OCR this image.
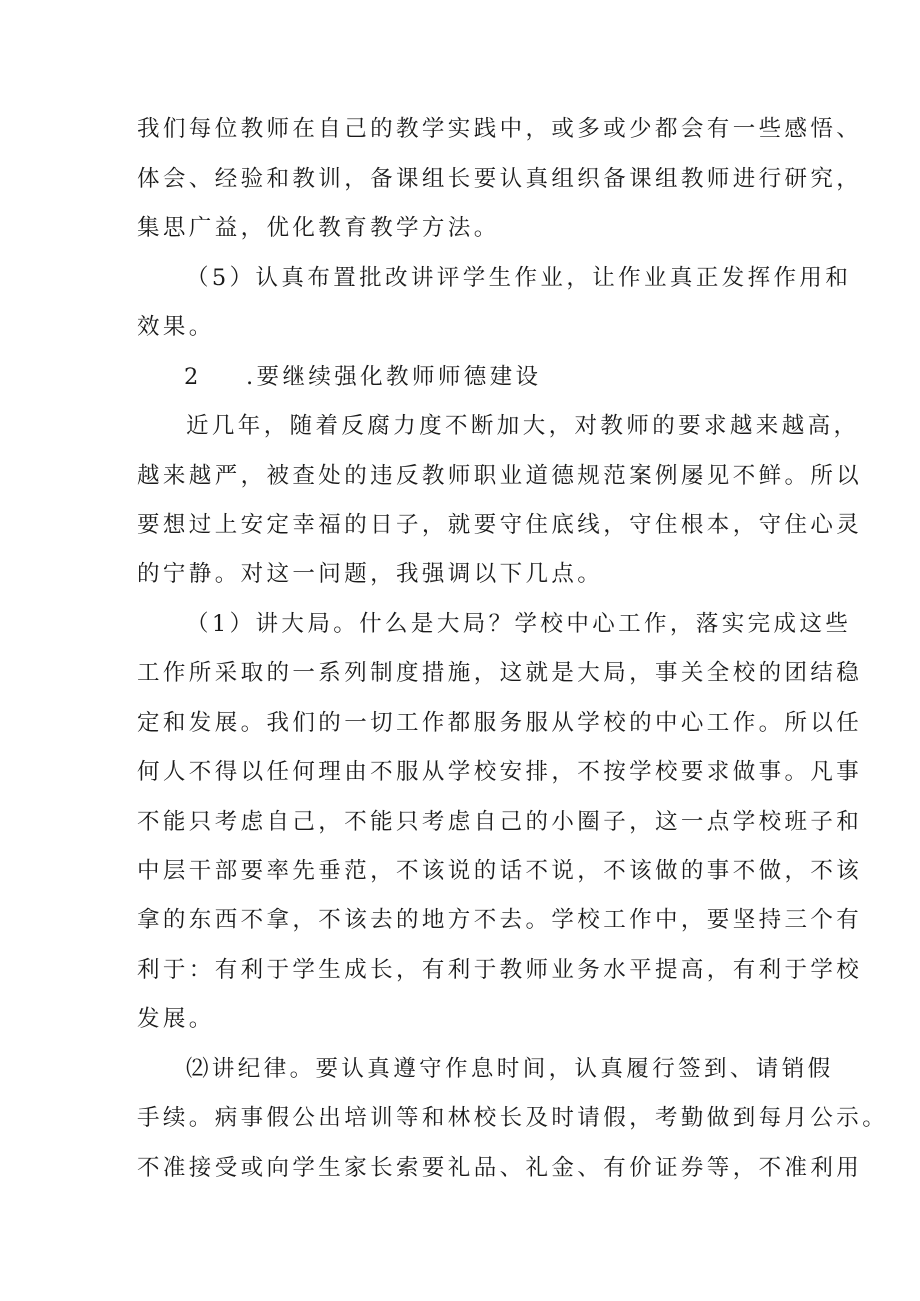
我们每位教师在自己的教学实践中，或多或少都会有一些感悟、
体会、经验和教训，备课组长要认真组织备课组教师进行研究，
集思广益，优化教育教学方法。
（5）认真布置批改讲评学生作业，让作业真正发挥作用和
效果。
2 .要继续强化教师师德建设
近几年，随着反腐力度不断加大，对教师的要求越来越高，
越来越严，被查处的违反教师职业道德规范案例屡见不鲜。所以
要想过上安定幸福的日子，就要守住底线，守住根本，守住心灵
的宁静。对这一问题，我强调以下几点。
（1）讲大局。什么是大局？学校中心工作，落实完成这些
工作所采取的一系列制度措施，这就是大局，事关全校的团结稳
定和发展。我们的一切工作都服务服从学校的中心工作。所以任
何人不得以任何理由不服从学校安排，不按学校要求做事。凡事
不能只考虑自己，不能只考虑自己的小圈子，这一点学校班子和
中层干部要率先垂范，不该说的话不说，不该做的事不做，不该
拿的东西不拿，不该去的地方不去。学校工作中，要坚持三个有
利于：有利于学生成长，有利于教师业务水平提高，有利于学校
发展。
⑵讲纪律。要认真遵守作息时间，认真履行签到、请销假
手续。病事假公出培训等和林校长及时请假，考勤做到每月公示。
不准接受或向学生家长索要礼品、礼金、有价证券等，不准利用
